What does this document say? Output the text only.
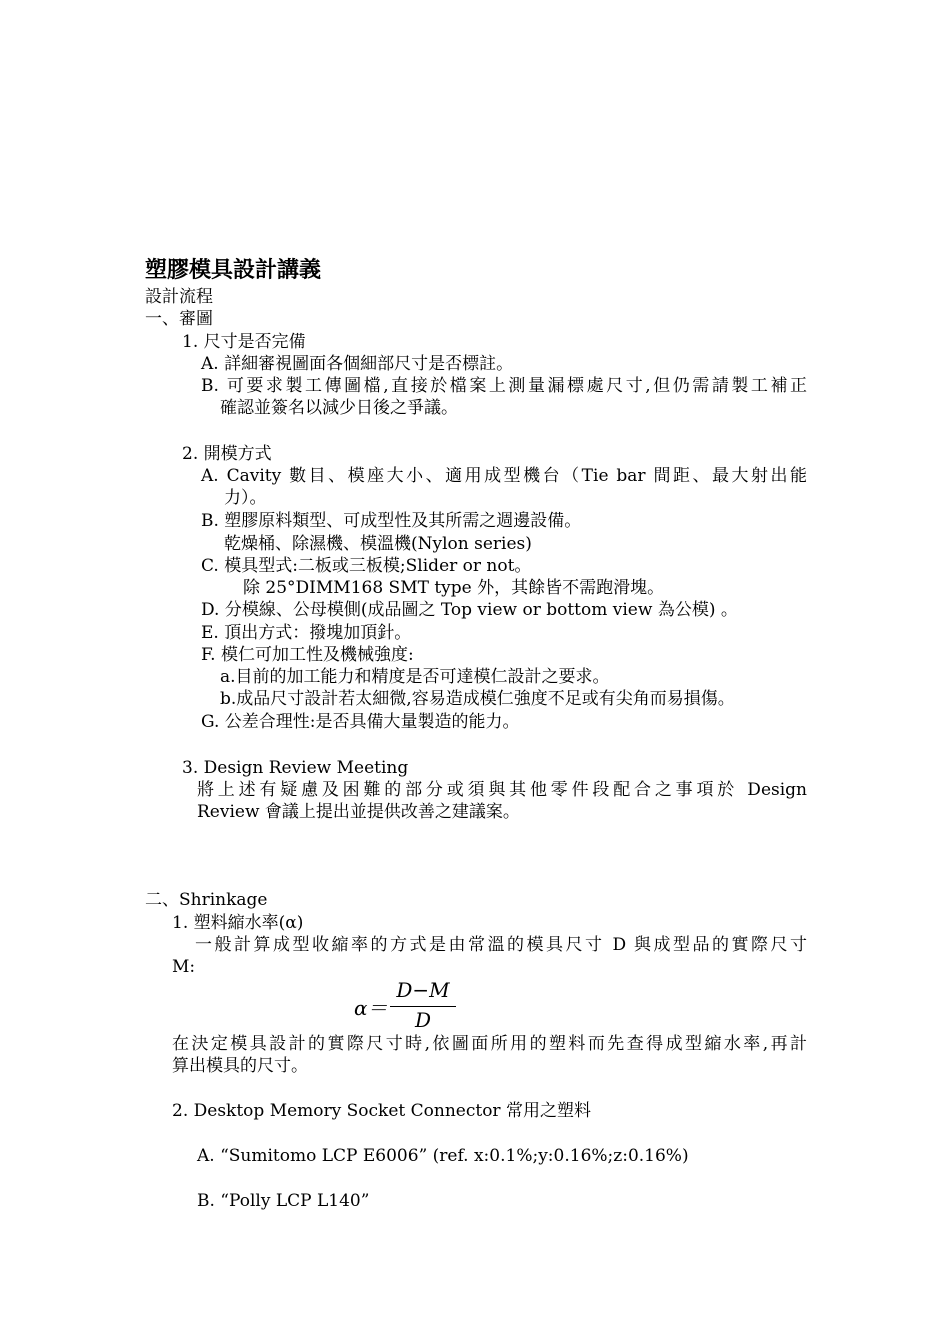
塑膠模具設計講義
設計流程
一、審圖
1. 尺寸是否完備
A. 詳細審視圖面各個細部尺寸是否標註。
B. 可要求製工傳圖檔,直接於檔案上測量漏標處尺寸,但仍需請製工補正
確認並簽名以減少日後之爭議。
2. 開模方式
A. Cavity 數目、模座大小、適用成型機台（Tie bar 間距、最大射出能
力）。
B. 塑膠原料類型、可成型性及其所需之週邊設備。
乾燥桶、除濕機、模溫機(Nylon series)
C. 模具型式:二板或三板模;Slider or not。
除 25°DIMM168 SMT type 外，其餘皆不需跑滑塊。
D. 分模線、公母模側(成品圖之 Top view or bottom view 為公模) 。
E. 頂出方式：撥塊加頂針。
F. 模仁可加工性及機械強度:
a.目前的加工能力和精度是否可達模仁設計之要求。
b.成品尺寸設計若太細微,容易造成模仁強度不足或有尖角而易損傷。
G. 公差合理性:是否具備大量製造的能力。
3. Design Review Meeting
將上述有疑慮及困難的部分或須與其他零件段配合之事項於 Design
Review 會議上提出並提供改善之建議案。
二、Shrinkage
1. 塑料縮水率(α)
一般計算成型收縮率的方式是由常溫的模具尺寸 D 與成型品的實際尺寸
M:
α＝
D−M
D
在決定模具設計的實際尺寸時,依圖面所用的塑料而先查得成型縮水率,再計
算出模具的尺寸。
2. Desktop Memory Socket Connector 常用之塑料
A. “Sumitomo LCP E6006” (ref. x:0.1%;y:0.16%;z:0.16%)
B. “Polly LCP L140”
